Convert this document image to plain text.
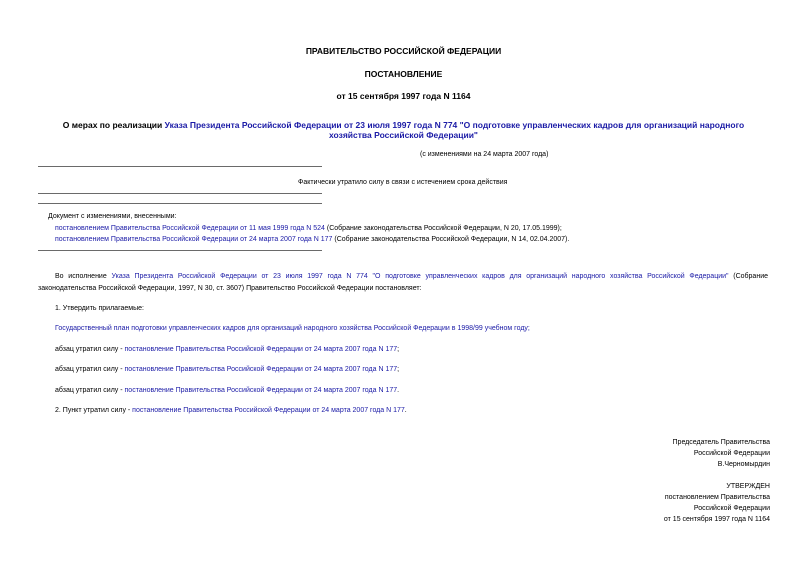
ПРАВИТЕЛЬСТВО РОССИЙСКОЙ ФЕДЕРАЦИИ
ПОСТАНОВЛЕНИЕ
от 15 сентября 1997 года N 1164
О мерах по реализации Указа Президента Российской Федерации от 23 июля 1997 года N 774 "О подготовке управленческих кадров для организаций народного
хозяйства Российской Федерации"
(с изменениями на 24 марта 2007 года)
Фактически утратило силу в связи с истечением срока действия
Документ с изменениями, внесенными:
постановлением Правительства Российской Федерации от 11 мая 1999 года N 524 (Собрание законодательства Российской Федерации, N 20, 17.05.1999);
постановлением Правительства Российской Федерации от 24 марта 2007 года N 177 (Собрание законодательства Российской Федерации, N 14, 02.04.2007).
Во исполнение Указа Президента Российской Федерации от 23 июля 1997 года N 774 "О подготовке управленческих кадров для организаций народного хозяйства Российской Федерации" (Собрание
законодательства Российской Федерации, 1997, N 30, ст. 3607) Правительство Российской Федерации постановляет:
1. Утвердить прилагаемые:
Государственный план подготовки управленческих кадров для организаций народного хозяйства Российской Федерации в 1998/99 учебном году;
абзац утратил силу - постановление Правительства Российской Федерации от 24 марта 2007 года N 177;
абзац утратил силу - постановление Правительства Российской Федерации от 24 марта 2007 года N 177;
абзац утратил силу - постановление Правительства Российской Федерации от 24 марта 2007 года N 177.
2. Пункт утратил силу - постановление Правительства Российской Федерации от 24 марта 2007 года N 177.
Председатель Правительства
Российской Федерации
В.Черномырдин
УТВЕРЖДЕН
постановлением Правительства
Российской Федерации
от 15 сентября 1997 года N 1164
